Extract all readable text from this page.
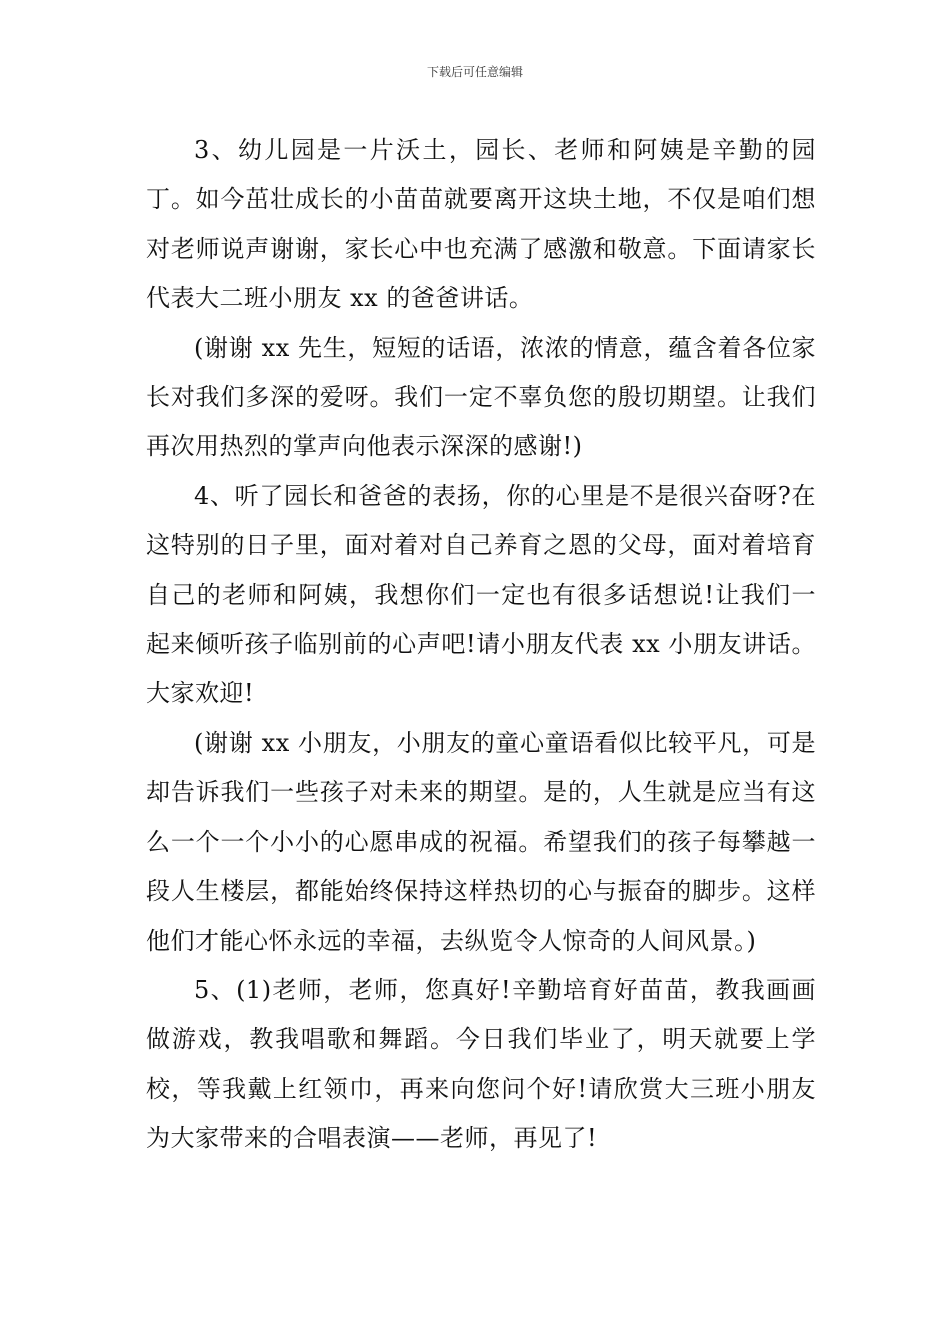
下载后可任意编辑

3、幼儿园是一片沃土，园长、老师和阿姨是辛勤的园丁。如今茁壮成长的小苗苗就要离开这块土地，不仅是咱们想对老师说声谢谢，家长心中也充满了感激和敬意。下面请家长代表大二班小朋友 xx 的爸爸讲话。

(谢谢 xx 先生，短短的话语，浓浓的情意，蕴含着各位家长对我们多深的爱呀。我们一定不辜负您的殷切期望。让我们再次用热烈的掌声向他表示深深的感谢!)

4、听了园长和爸爸的表扬，你的心里是不是很兴奋呀?在这特别的日子里，面对着对自己养育之恩的父母，面对着培育自己的老师和阿姨，我想你们一定也有很多话想说!让我们一起来倾听孩子临别前的心声吧!请小朋友代表 xx 小朋友讲话。大家欢迎!

(谢谢 xx 小朋友，小朋友的童心童语看似比较平凡，可是却告诉我们一些孩子对未来的期望。是的，人生就是应当有这么一个一个小小的心愿串成的祝福。希望我们的孩子每攀越一段人生楼层，都能始终保持这样热切的心与振奋的脚步。这样他们才能心怀永远的幸福，去纵览令人惊奇的人间风景。)

5、(1)老师，老师，您真好!辛勤培育好苗苗，教我画画做游戏，教我唱歌和舞蹈。今日我们毕业了，明天就要上学校，等我戴上红领巾，再来向您问个好!请欣赏大三班小朋友为大家带来的合唱表演——老师，再见了!
